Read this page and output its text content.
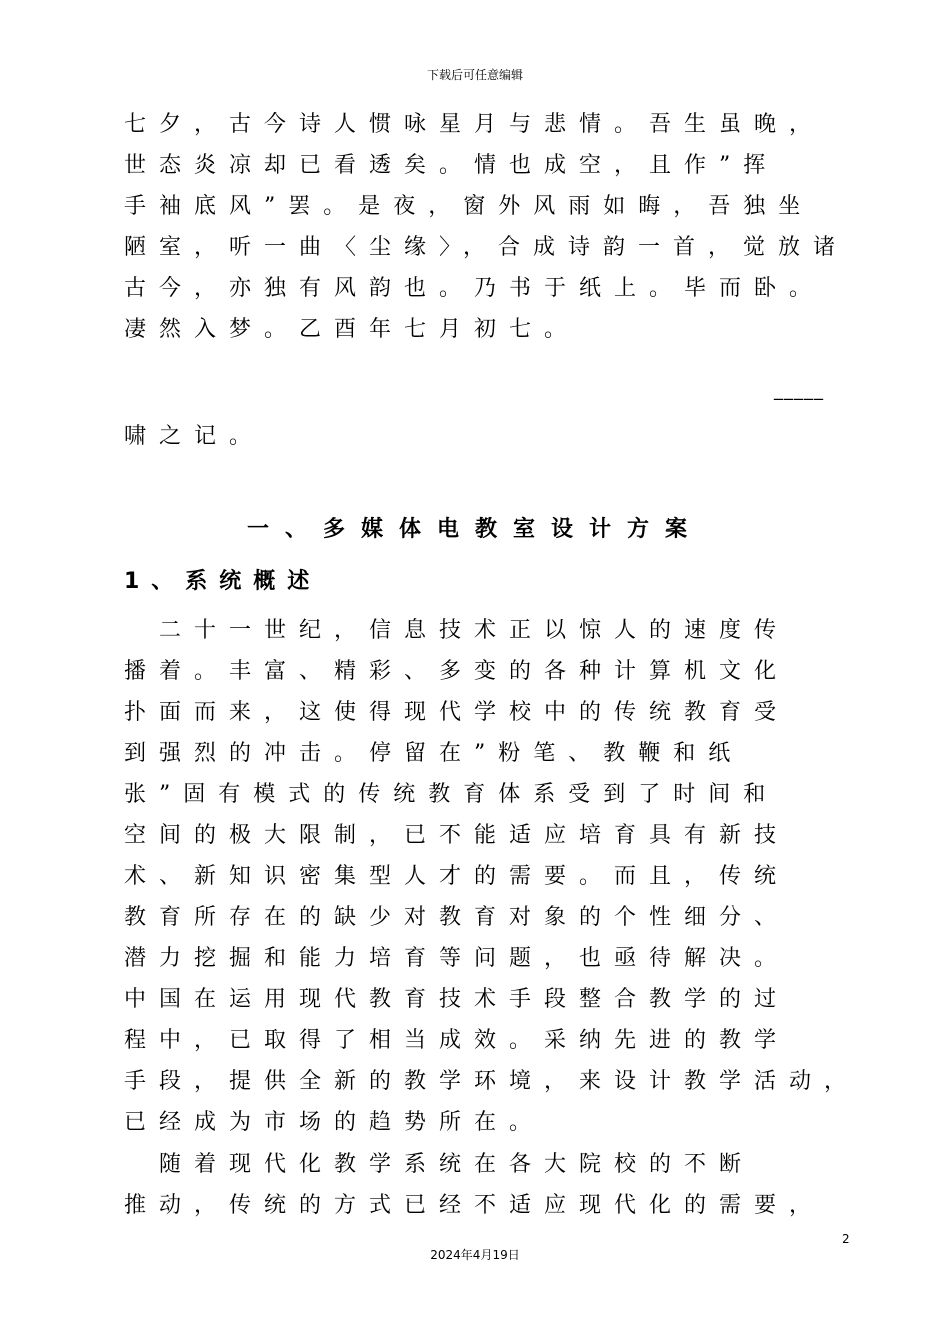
下载后可任意编辑
七夕，古今诗人惯咏星月与悲情。吾生虽晚，
世态炎凉却已看透矣。情也成空，且作”挥
手袖底风”罢。是夜，窗外风雨如晦，吾独坐
陋室，听一曲〈尘缘〉，合成诗韵一首，觉放诸
古今，亦独有风韵也。乃书于纸上。毕而卧。
凄然入梦。乙酉年七月初七。
_____
啸之记。
一、多媒体电教室设计方案
1、系统概述
　二十一世纪，信息技术正以惊人的速度传
播着。丰富、精彩、多变的各种计算机文化
扑面而来，这使得现代学校中的传统教育受
到强烈的冲击。停留在”粉笔、教鞭和纸
张”固有模式的传统教育体系受到了时间和
空间的极大限制，已不能适应培育具有新技
术、新知识密集型人才的需要。而且，传统
教育所存在的缺少对教育对象的个性细分、
潜力挖掘和能力培育等问题，也亟待解决。
中国在运用现代教育技术手段整合教学的过
程中，已取得了相当成效。采纳先进的教学
手段，提供全新的教学环境，来设计教学活动，
已经成为市场的趋势所在。
　随着现代化教学系统在各大院校的不断
推动，传统的方式已经不适应现代化的需要，
2
2024年4月19日
